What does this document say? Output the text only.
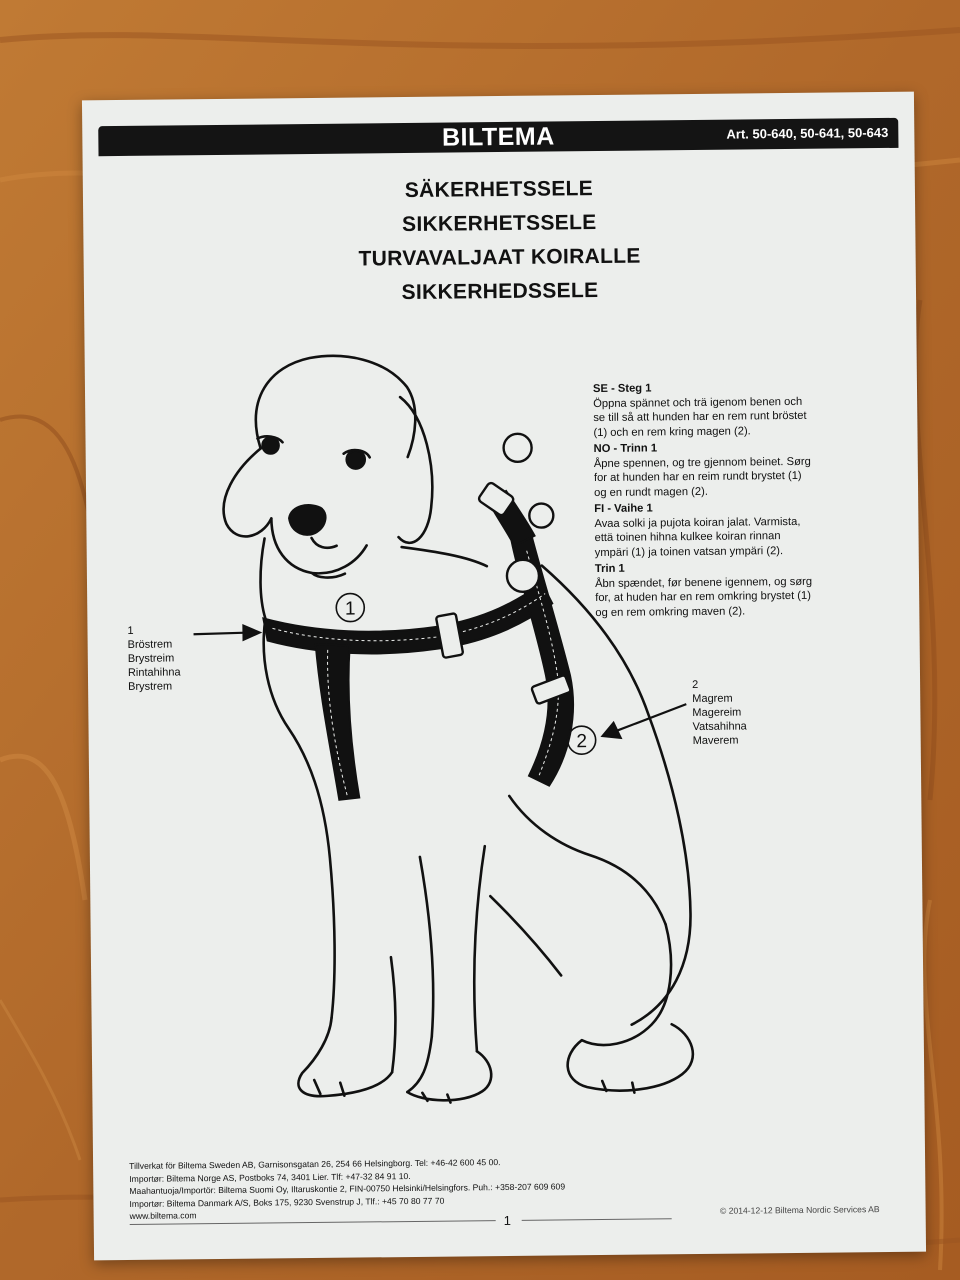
BILTEMA	Art. 50-640, 50-641, 50-643
SÄKERHETSSELE
SIKKERHETSSELE
TURVAVALJAAT KOIRALLE
SIKKERHEDSSELE
1
2
SE - Steg 1
Öppna spännet och trä igenom benen och
se till så att hunden har en rem runt bröstet
(1) och en rem kring magen (2).
NO - Trinn 1
Åpne spennen, og tre gjennom beinet. Sørg
for at hunden har en reim rundt brystet (1)
og en rundt magen (2).
FI - Vaihe 1
Avaa solki ja pujota koiran jalat. Varmista,
että toinen hihna kulkee koiran rinnan
ympäri (1) ja toinen vatsan ympäri (2).
Trin 1
Åbn spændet, før benene igennem, og sørg
for, at huden har en rem omkring brystet (1)
og en rem omkring maven (2).
1
Bröstrem
Brystreim
Rintahihna
Brystrem	2
Magrem
Magereim
Vatsahihna
Maverem
Tillverkat för Biltema Sweden AB, Garnisonsgatan 26, 254 66 Helsingborg. Tel: +46-42 600 45 00.
Importør: Biltema Norge AS, Postboks 74, 3401 Lier. Tlf: +47-32 84 91 10.
Maahantuoja/Importör: Biltema Suomi Oy, Iltaruskontie 2, FIN-00750 Helsinki/Helsingfors. Puh.: +358-207 609 609
Importør: Biltema Danmark A/S, Boks 175, 9230 Svenstrup J, Tlf.: +45 70 80 77 70
www.biltema.com	1
© 2014-12-12 Biltema Nordic Services AB
